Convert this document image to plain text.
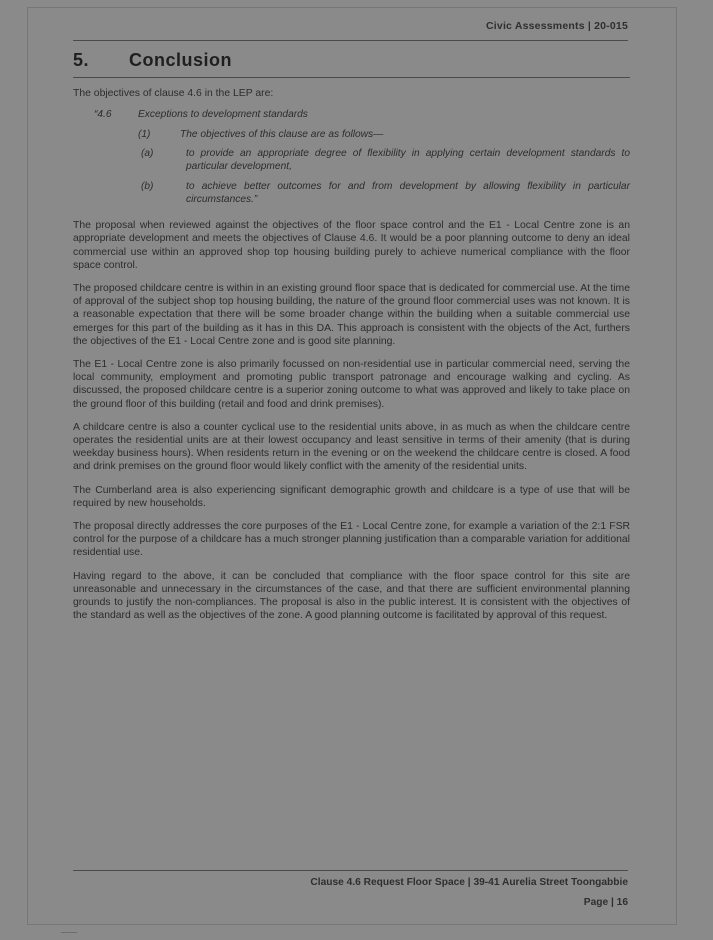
Civic Assessments | 20-015
5. Conclusion

The objectives of clause 4.6 in the LEP are:

“4.6	Exceptions to development standards

(1)	The objectives of this clause are as follows—

(a)	to provide an appropriate degree of flexibility in applying certain development standards to particular development,

(b)	to achieve better outcomes for and from development by allowing flexibility in particular circumstances.”

The proposal when reviewed against the objectives of the floor space control and the E1 - Local Centre zone is an appropriate development and meets the objectives of Clause 4.6. It would be a poor planning outcome to deny an ideal commercial use within an approved shop top housing building purely to achieve numerical compliance with the floor space control.

The proposed childcare centre is within in an existing ground floor space that is dedicated for commercial use. At the time of approval of the subject shop top housing building, the nature of the ground floor commercial uses was not known. It is a reasonable expectation that there will be some broader change within the building when a suitable commercial use emerges for this part of the building as it has in this DA. This approach is consistent with the objects of the Act, furthers the objectives of the E1 - Local Centre zone and is good site planning.

The E1 - Local Centre zone is also primarily focussed on non-residential use in particular commercial need, serving the local community, employment and promoting public transport patronage and encourage walking and cycling. As discussed, the proposed childcare centre is a superior zoning outcome to what was approved and likely to take place on the ground floor of this building (retail and food and drink premises).

A childcare centre is also a counter cyclical use to the residential units above, in as much as when the childcare centre operates the residential units are at their lowest occupancy and least sensitive in terms of their amenity (that is during weekday business hours). When residents return in the evening or on the weekend the childcare centre is closed. A food and drink premises on the ground floor would likely conflict with the amenity of the residential units.

The Cumberland area is also experiencing significant demographic growth and childcare is a type of use that will be required by new households.

The proposal directly addresses the core purposes of the E1 - Local Centre zone, for example a variation of the 2:1 FSR control for the purpose of a childcare has a much stronger planning justification than a comparable variation for additional residential use.

Having regard to the above, it can be concluded that compliance with the floor space control for this site are unreasonable and unnecessary in the circumstances of the case, and that there are sufficient environmental planning grounds to justify the non-compliances. The proposal is also in the public interest. It is consistent with the objectives of the standard as well as the objectives of the zone. A good planning outcome is facilitated by approval of this request.

Clause 4.6 Request Floor Space | 39-41 Aurelia Street Toongabbie
Page | 16
